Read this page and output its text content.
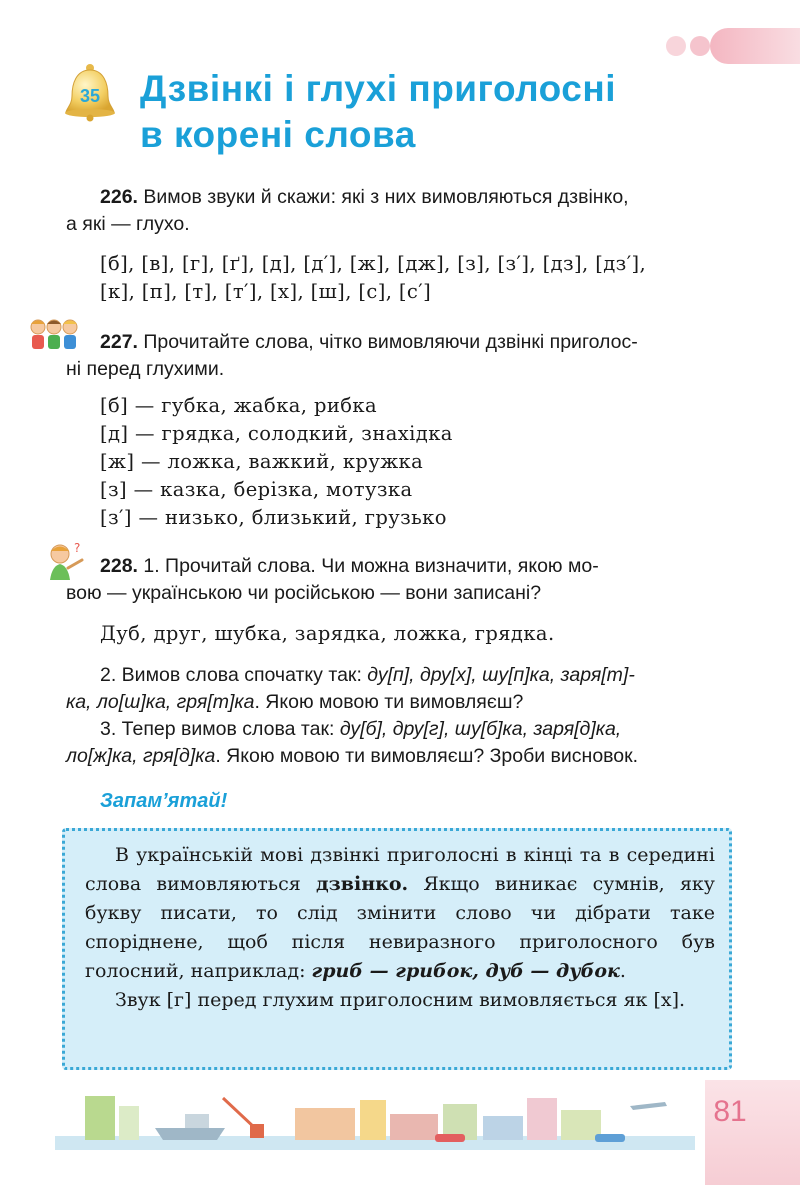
35 Дзвінкі і глухі приголосні
в корені слова
226. Вимов звуки й скажи: які з них вимовляються дзвінко,
а які — глухо.
[б], [в], [г], [ґ], [д], [д′], [ж], [дж], [з], [з′], [дз], [дз′],
[к], [п], [т], [т′], [х], [ш], [с], [с′]
227. Прочитайте слова, чітко вимовляючи дзвінкі приголос-
ні перед глухими.
[б] — губка, жабка, рибка
[д] — грядка, солодкий, знахідка
[ж] — ложка, важкий, кружка
[з] — казка, берізка, мотузка
[з′] — низько, близький, грузько
?
228. 1. Прочитай слова. Чи можна визначити, якою мо-
вою — українською чи російською — вони записані?
Дуб, друг, шубка, зарядка, ложка, грядка.
2. Вимов слова спочатку так: ду[п], дру[х], шу[п]ка, заря[т]-
ка, ло[ш]ка, гря[т]ка. Якою мовою ти вимовляєш?
3. Тепер вимов слова так: ду[б], дру[г], шу[б]ка, заря[д]ка,
ло[ж]ка, гря[д]ка. Якою мовою ти вимовляєш? Зроби висновок.
Запам’ятай!

В українській мові дзвінкі приголосні в кінці та в середині слова вимовляються дзвінко. Якщо виникає сумнів, яку букву писати, то слід змінити слово чи дібрати таке споріднене, щоб після невиразного приголосного був голосний, наприклад: гриб — грибок, дуб — дубок.

Звук [г] перед глухим приголосним вимовляється як [х].

81
